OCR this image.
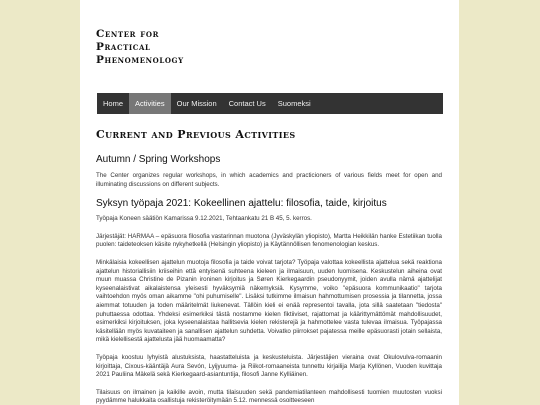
Center for
Practical
Phenomenology
Home	Activities	Our Mission	Contact Us	Suomeksi
Current and Previous Activities
Autumn / Spring Workshops

The Center organizes regular workshops, in which academics and practicioners of various fields meet for open and illuminating discussions on different subjects.

Syksyn työpaja 2021: Kokeellinen ajattelu: filosofia, taide, kirjoitus

Työpaja Koneen säätiön Kamarissa 9.12.2021, Tehtaankatu 21 B 45, 5. kerros.

Järjestäjät: HARMAA – epäsuora filosofia vastarinnan muotona (Jyväskylän yliopisto), Martta Heikkilän hanke Estetiikan tuolla puolen: taideteoksen käsite nykyhetkellä (Helsingin yliopisto) ja Käytännöllisen fenomenologian keskus.

Minkälaisia kokeellisen ajattelun muotoja filosofia ja taide voivat tarjota? Työpaja valottaa kokeellista ajattelua sekä reaktiona ajattelun historiallisiin kriiseihin että entyisenä suhteena kieleen ja ilmaisuun, uuden luomisena. Keskustelun aiheina ovat muun muassa Christine de Pizanin ironinen kirjoitus ja Søren Kierkegaardin pseudonyymit, joiden avulla nämä ajattelijat kyseenalaistivat aikalaistensa yleisesti hyväksymiä näkemyksiä. Kysymme, voiko "epäsuora kommunikaatio" tarjota vaihtoehdon myös oman aikamme "ohi puhumiselle". Lisäksi tutkimme ilmaisun hahmottumisen prosessia ja tilannetta, jossa aiemmat totuuden ja toden määritelmät liukenevat. Tällöin kieli ei enää representoi tavalla, jota sillä saatetaan "tiedosta" puhuttaessa odottaa. Yhdeksi esimerkiksi tästä nostamme kielen fiktiiviset, rajattomat ja käärittymättömät mahdollisuudet, esimerkiksi kirjoituksen, joka kyseenalaistaa hallitsevia kielen rekisterejä ja hahmottelee vasta tulevaa ilmaisua. Työpajassa käsitellään myös kuvataiteen ja sanallisen ajattelun suhdetta. Voivatko piirrokset pajatessa meille epäsuorasti jotain sellaista, mikä kielellisestä ajattelusta jää huomaamatta?

Työpaja koostuu lyhyistä alustuksista, haastatteluista ja keskusteluista. Järjestäjien vieraina ovat Okulovulva-romaanin kirjoittaja, Cixous-kääntäjä Aura Sevón, Lyijyuuma- ja Riikot-romaaneista tunnettu kirjailija Marja Kyllönen, Vuoden kuvittaja 2021 Pauliina Mäkelä sekä Kierkegaard-asiantuntija, filosofi Janne Kylliäinen.

Tilaisuus on ilmainen ja kaikille avoin, mutta tilaisuuden sekä pandemiatilanteen mahdollisesti tuomien muutosten vuoksi pyydämme halukkaita osallistuja rekisteröitymään 5.12. mennessä osoitteeseen
